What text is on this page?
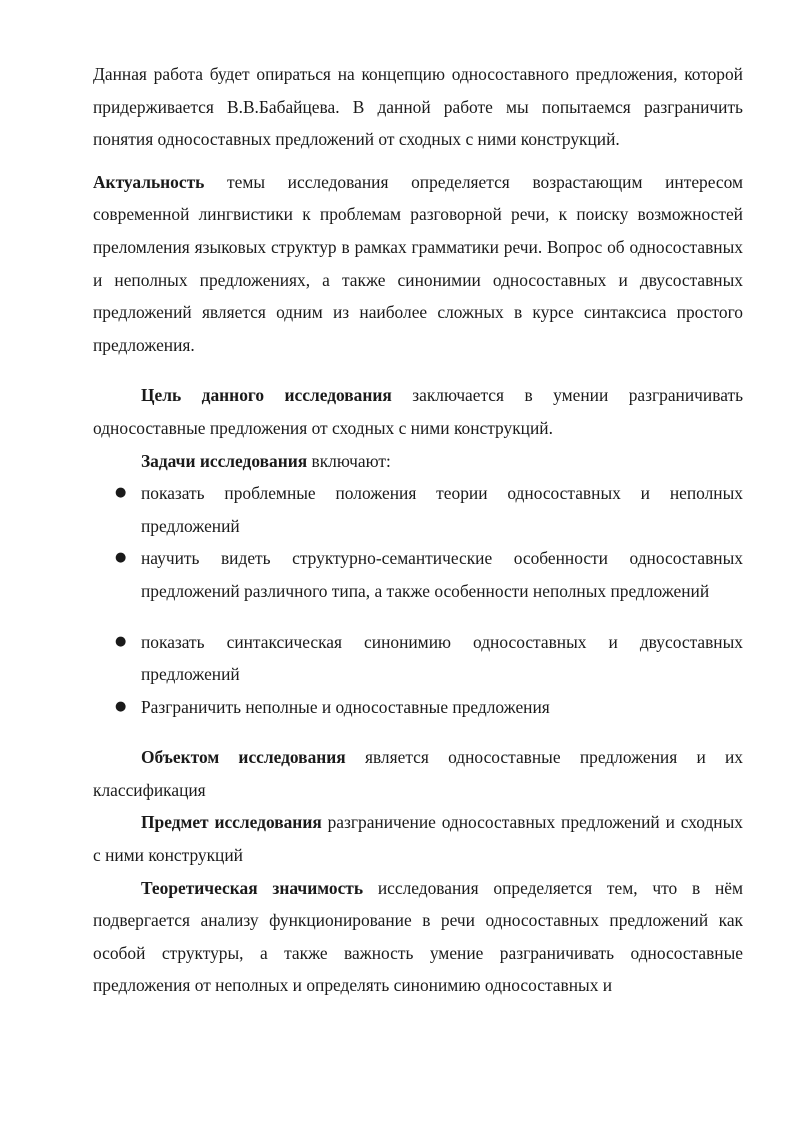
Данная работа будет опираться на концепцию односоставного предложения, которой придерживается В.В.Бабайцева. В данной работе мы попытаемся разграничить понятия односоставных предложений от сходных с ними конструкций.

Актуальность темы исследования определяется возрастающим интересом современной лингвистики к проблемам разговорной речи, к поиску возможностей преломления языковых структур в рамках грамматики речи. Вопрос об односоставных и неполных предложениях, а также синонимии односоставных и двусоставных предложений является одним из наиболее сложных в курсе синтаксиса простого предложения.

Цель данного исследования заключается в умении разграничивать односоставные предложения от сходных с ними конструкций.

Задачи исследования включают:

● показать проблемные положения теории односоставных и неполных предложений
● научить видеть структурно-семантические особенности односоставных предложений различного типа, а также особенности неполных предложений
● показать синтаксическая синонимию односоставных и двусоставных предложений
● Разграничить неполные и односоставные предложения

Объектом исследования является односоставные предложения и их классификация

Предмет исследования разграничение односоставных предложений и сходных с ними конструкций

Теоретическая значимость исследования определяется тем, что в нём подвергается анализу функционирование в речи односоставных предложений как особой структуры, а также важность умение разграничивать односоставные предложения от неполных и определять синонимию односоставных и
